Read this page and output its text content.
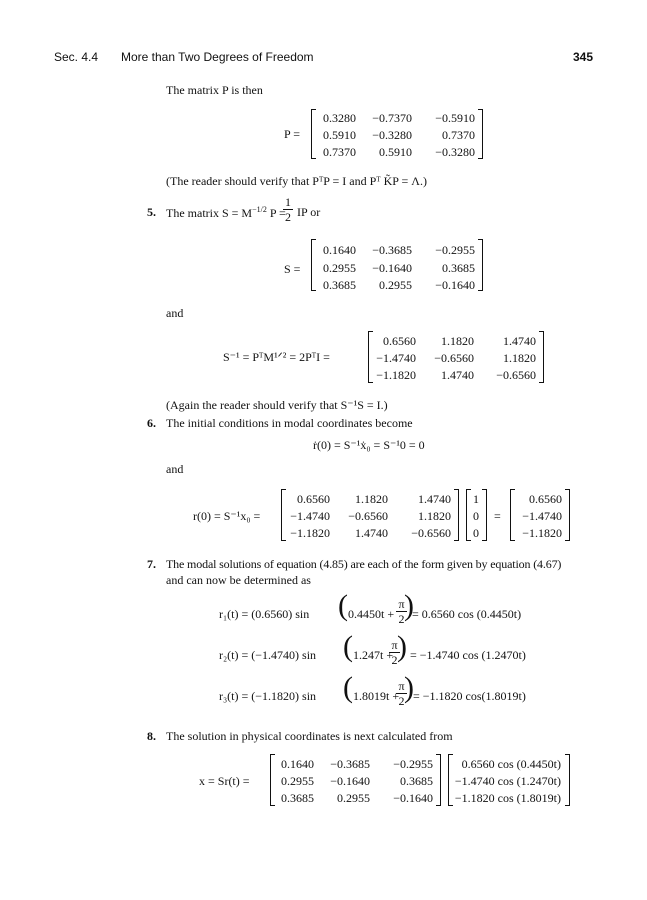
Sec. 4.4 More than Two Degrees of Freedom	345
The matrix P is then
P =
0.3280	−0.7370	−0.5910
0.5910	−0.3280	0.7370
0.7370	0.5910	−0.3280
(The reader should verify that PᵀP = I and Pᵀ K̃P = Λ.)
5. The matrix $S = M^{-1/2}$ P =
1
2 IP or
S =
0.1640	−0.3685	−0.2955
0.2955	−0.1640	0.3685
0.3685	0.2955	−0.1640
and
S⁻¹ = PᵀM¹ᐟ² = 2PᵀI =
0.6560	1.1820	1.4740
−1.4740	−0.6560	1.1820
−1.1820	1.4740	−0.6560
(Again the reader should verify that S⁻¹S = I.)
6. The initial conditions in modal coordinates become
ṙ(0) = S⁻¹ẋ₀ = S⁻¹0 = 0
and
r(0) = S⁻¹x₀ =
0.6560	1.1820	1.4740
−1.4740	−0.6560	1.1820
−1.1820	1.4740	−0.6560
1
0
0
=
0.6560
−1.4740
−1.1820
7. The modal solutions of equation (4.85) are each of the form given by equation (4.67)
and can now be determined as
r₁(t) = (0.6560) sin ( 0.4450t +
π
2 )
= 0.6560 cos (0.4450t)
r₂(t) = (−1.4740) sin ( 1.247t +
π
2 ) = −1.4740 cos (1.2470t)
r₃(t) = (−1.1820) sin ( 1.8019t +
π
2 ) = −1.1820 cos(1.8019t)
8. The solution in physical coordinates is next calculated from
x = Sr(t) =
0.1640	−0.3685	−0.2955
0.2955	−0.1640	0.3685
0.3685	0.2955	−0.1640
0.6560 cos (0.4450t)
−1.4740 cos (1.2470t)
−1.1820 cos (1.8019t)
